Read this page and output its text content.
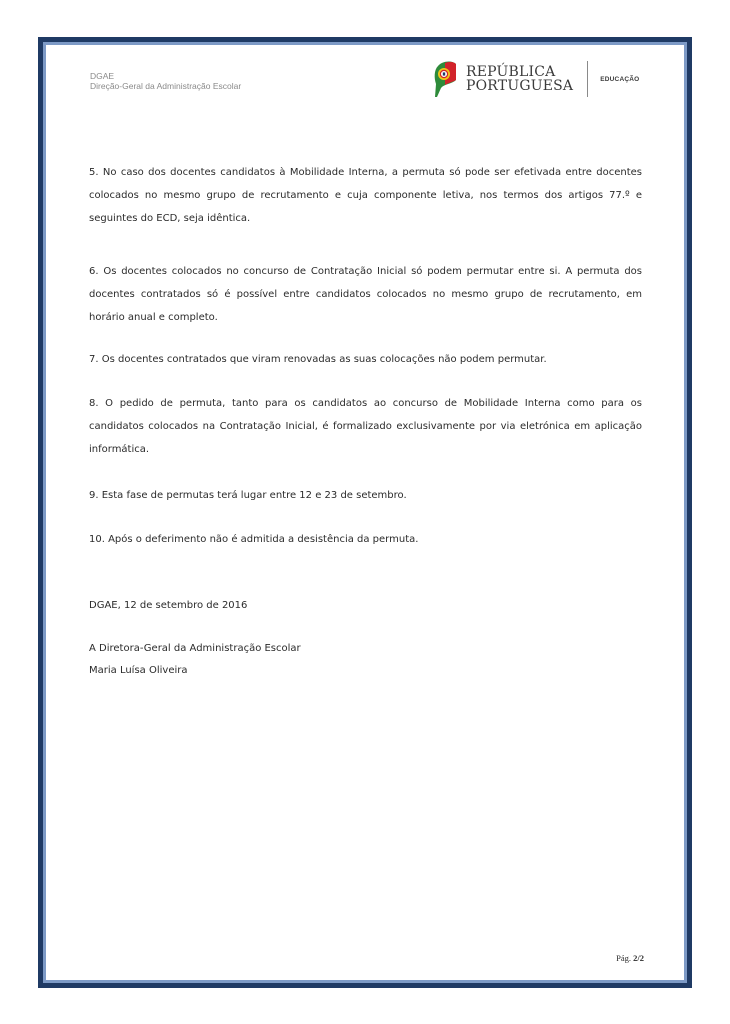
DGAE
Direção-Geral da Administração Escolar
REPÚBLICA
PORTUGUESA	EDUCAÇÃO

5. No caso dos docentes candidatos à Mobilidade Interna, a permuta só pode ser efetivada entre docentes colocados no mesmo grupo de recrutamento e cuja componente letiva, nos termos dos artigos 77.º e seguintes do ECD, seja idêntica.

6. Os docentes colocados no concurso de Contratação Inicial só podem permutar entre si. A permuta dos docentes contratados só é possível entre candidatos colocados no mesmo grupo de recrutamento, em horário anual e completo.

7. Os docentes contratados que viram renovadas as suas colocações não podem permutar.

8. O pedido de permuta, tanto para os candidatos ao concurso de Mobilidade Interna como para os candidatos colocados na Contratação Inicial, é formalizado exclusivamente por via eletrónica em aplicação informática.

9. Esta fase de permutas terá lugar entre 12 e 23 de setembro.

10. Após o deferimento não é admitida a desistência da permuta.

DGAE, 12 de setembro de 2016

A Diretora-Geral da Administração Escolar

Maria Luísa Oliveira

Pág. 2/2
